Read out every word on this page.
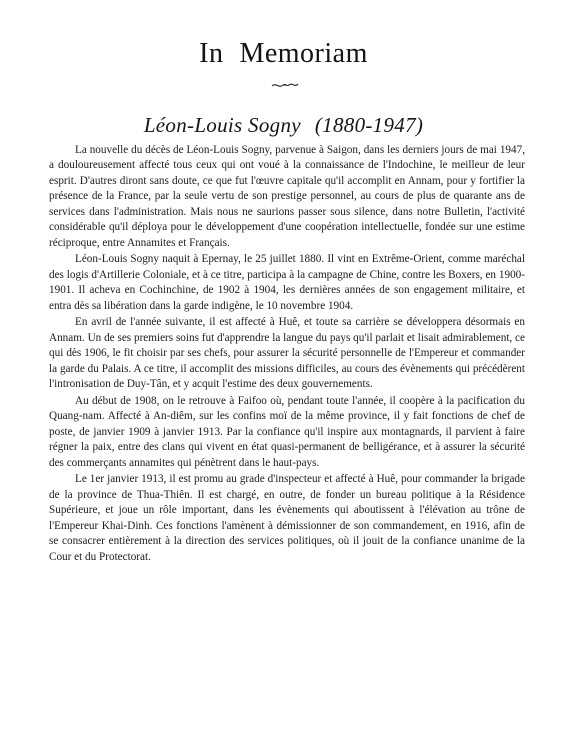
In Memoriam
Léon-Louis Sogny (1880-1947)

La nouvelle du décès de Léon-Louis Sogny, parvenue à Saigon, dans les derniers jours de mai 1947, a douloureusement affecté tous ceux qui ont voué à la connaissance de l'Indochine, le meilleur de leur esprit. D'autres diront sans doute, ce que fut l'œuvre capitale qu'il accomplit en Annam, pour y fortifier la présence de la France, par la seule vertu de son prestige personnel, au cours de plus de quarante ans de services dans l'administration. Mais nous ne saurions passer sous silence, dans notre Bulletin, l'activité considérable qu'il déploya pour le développement d'une coopération intellectuelle, fondée sur une estime réciproque, entre Annamites et Français.

Léon-Louis Sogny naquit à Epernay, le 25 juillet 1880. Il vint en Extrême-Orient, comme maréchal des logis d'Artillerie Coloniale, et à ce titre, participa à la campagne de Chine, contre les Boxers, en 1900-1901. Il acheva en Cochinchine, de 1902 à 1904, les dernières années de son engagement militaire, et entra dès sa libération dans la garde indigène, le 10 novembre 1904.

En avril de l'année suivante, il est affecté à Huê, et toute sa carrière se développera désormais en Annam. Un de ses premiers soins fut d'apprendre la langue du pays qu'il parlait et lisait admirablement, ce qui dès 1906, le fit choisir par ses chefs, pour assurer la sécurité personnelle de l'Empereur et commander la garde du Palais. A ce titre, il accomplit des missions difficiles, au cours des évènements qui précédèrent l'intronisation de Duy-Tân, et y acquit l'estime des deux gouvernements.

Au début de 1908, on le retrouve à Faifoo où, pendant toute l'année, il coopère à la pacification du Quang-nam. Affecté à An-diêm, sur les confins moï de la même province, il y fait fonctions de chef de poste, de janvier 1909 à janvier 1913. Par la confiance qu'il inspire aux montagnards, il parvient à faire régner la paix, entre des clans qui vivent en état quasi-permanent de belligérance, et à assurer la sécurité des commerçants annamites qui pénètrent dans le haut-pays.

Le 1er janvier 1913, il est promu au grade d'inspecteur et affecté à Huê, pour commander la brigade de la province de Thua-Thiên. Il est chargé, en outre, de fonder un bureau politique à la Résidence Supérieure, et joue un rôle important, dans les évènements qui aboutissent à l'élévation au trône de l'Empereur Khai-Dinh. Ces fonctions l'amènent à démissionner de son commandement, en 1916, afin de se consacrer entièrement à la direction des services politiques, où il jouit de la confiance unanime de la Cour et du Protectorat.
